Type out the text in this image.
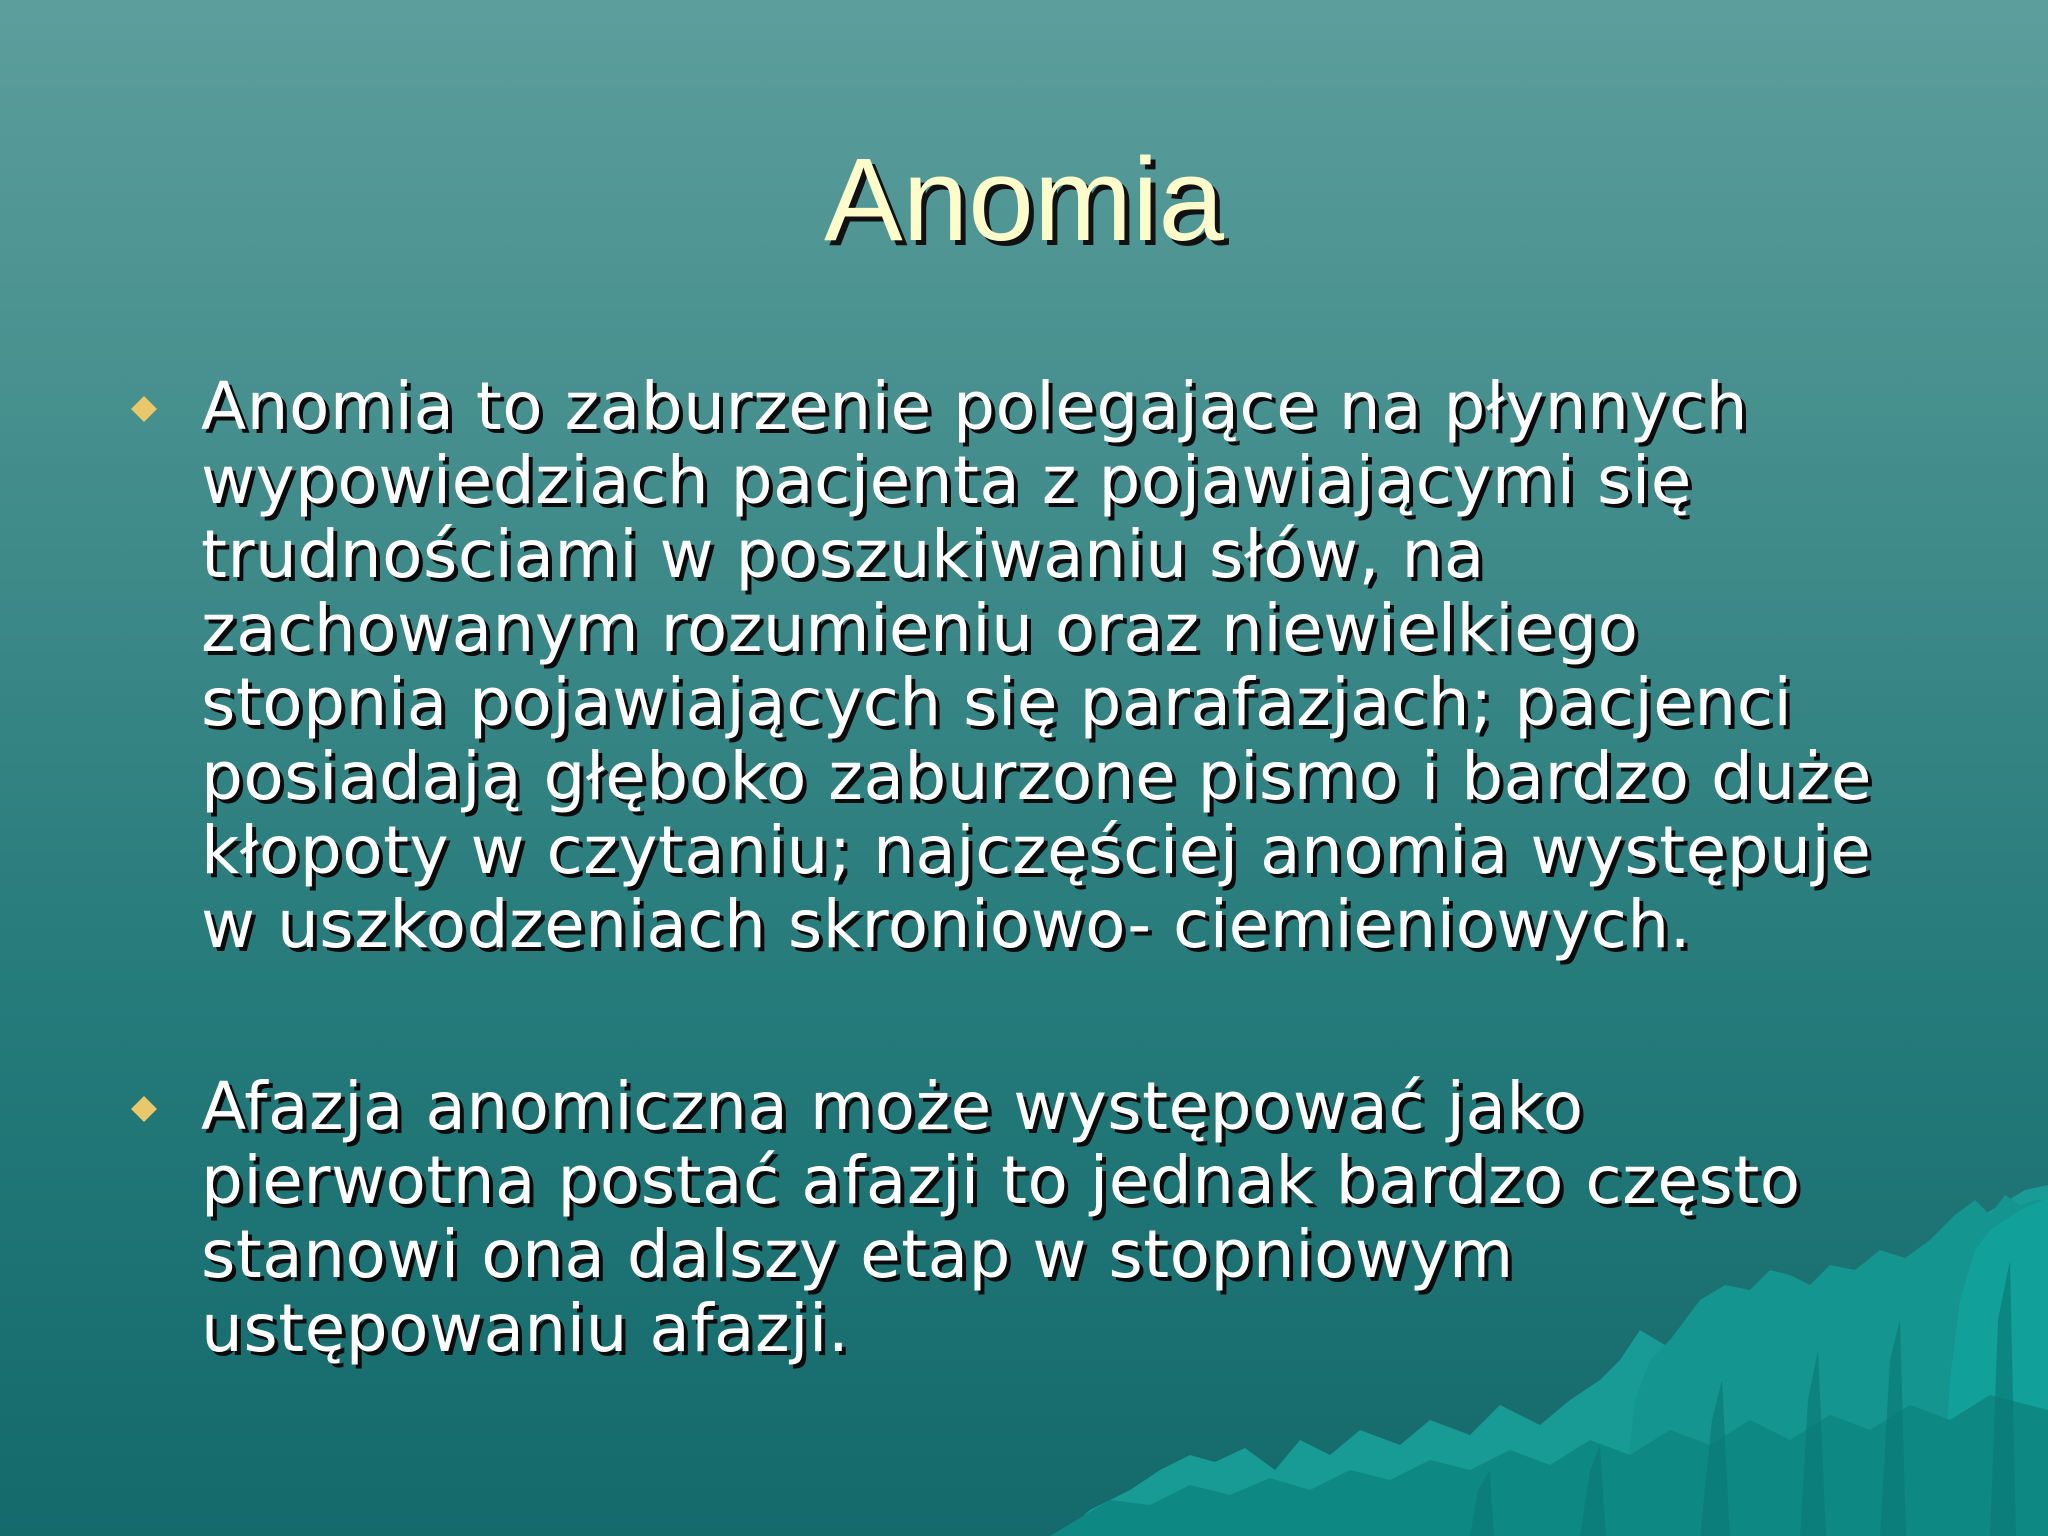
Anomia
Anomia to zaburzenie polegające na płynnych
wypowiedziach pacjenta z pojawiającymi się
trudnościami w poszukiwaniu słów, na
zachowanym rozumieniu oraz niewielkiego
stopnia pojawiających się parafazjach; pacjenci
posiadają głęboko zaburzone pismo i bardzo duże
kłopoty w czytaniu; najczęściej anomia występuje
w uszkodzeniach skroniowo- ciemieniowych.
Afazja anomiczna może występować jako
pierwotna postać afazji to jednak bardzo często
stanowi ona dalszy etap w stopniowym
ustępowaniu afazji.
